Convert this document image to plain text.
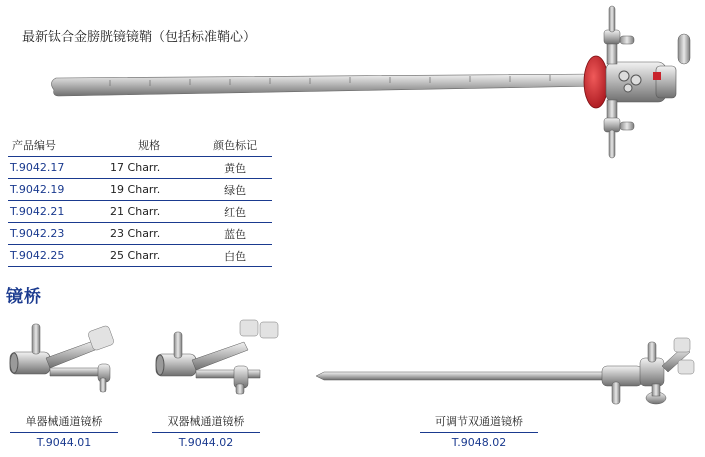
最新钛合金膀胱镜镜鞘（包括标准鞘心）
产品编号	规格	颜色标记
T.9042.17	17 Charr.	黄色
T.9042.19	19 Charr.	绿色
T.9042.21	21 Charr.	红色
T.9042.23	23 Charr.	蓝色
T.9042.25	25 Charr.	白色
镜桥
单器械通道镜桥
T.9044.01
双器械通道镜桥
T.9044.02
可调节双通道镜桥
T.9048.02
